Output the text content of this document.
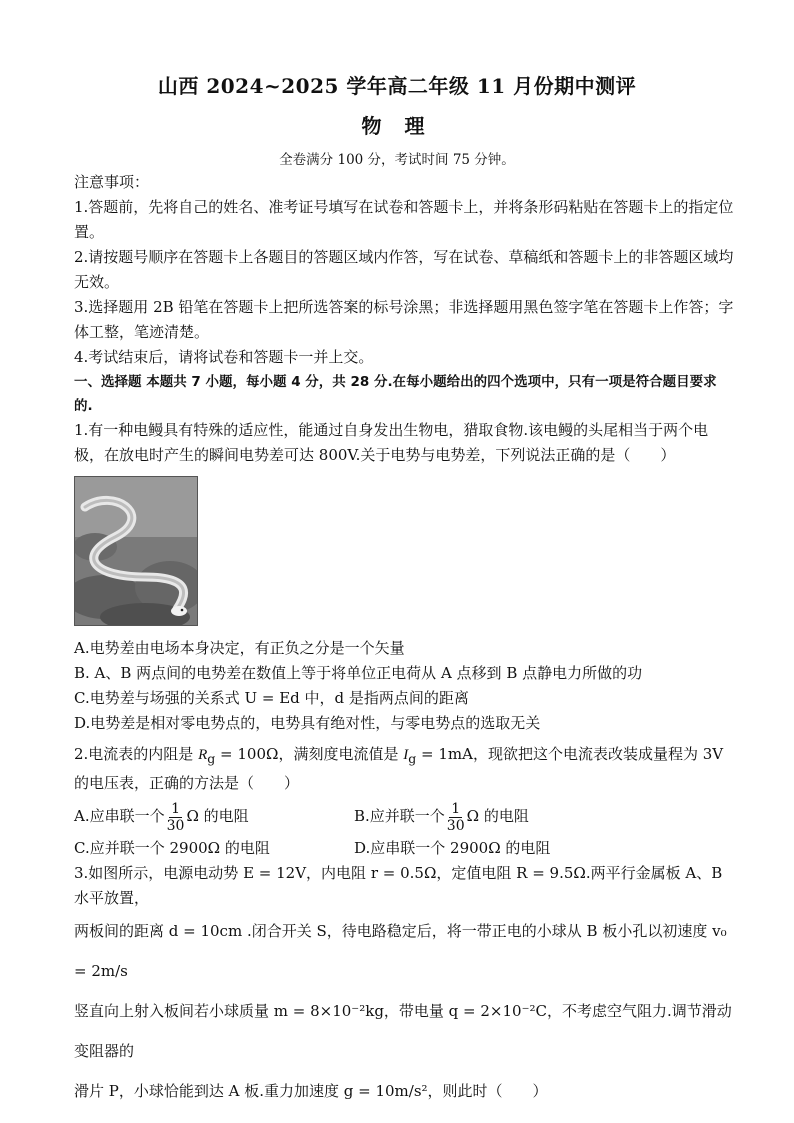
山西 2024~2025 学年高二年级 11 月份期中测评
物 理
全卷满分 100 分，考试时间 75 分钟。

注意事项：

1.答题前，先将自己的姓名、准考证号填写在试卷和答题卡上，并将条形码粘贴在答题卡上的指定位置。

2.请按题号顺序在答题卡上各题目的答题区域内作答，写在试卷、草稿纸和答题卡上的非答题区域均无效。

3.选择题用 2B 铅笔在答题卡上把所选答案的标号涂黑；非选择题用黑色签字笔在答题卡上作答；字体工整，笔迹清楚。

4.考试结束后，请将试卷和答题卡一并上交。

一、选择题 本题共 7 小题，每小题 4 分，共 28 分.在每小题给出的四个选项中，只有一项是符合题目要求的.

1.有一种电鳗具有特殊的适应性，能通过自身发出生物电，猎取食物.该电鳗的头尾相当于两个电极，在放电时产生的瞬间电势差可达 800V.关于电势与电势差，下列说法正确的是（　　）

A.电势差由电场本身决定，有正负之分是一个矢量

B. A、B 两点间的电势差在数值上等于将单位正电荷从 A 点移到 B 点静电力所做的功

C.电势差与场强的关系式 U = Ed 中，d 是指两点间的距离

D.电势差是相对零电势点的，电势具有绝对性，与零电势点的选取无关

2.电流表的内阻是 $R_g = 100\Omega$，满刻度电流值是 $I_g = 1mA$，现欲把这个电流表改装成量程为 3V 的电压表，正确的方法是（　　）

A.应串联一个 $\frac{1}{30}$ Ω 的电阻	B.应并联一个 $\frac{1}{30}$ Ω 的电阻
C.应并联一个 2900Ω 的电阻	D.应串联一个 2900Ω 的电阻

3.如图所示，电源电动势 E = 12V，内电阻 r = 0.5Ω，定值电阻 R = 9.5Ω.两平行金属板 A、B 水平放置，

两板间的距离 d = 10cm .闭合开关 S，待电路稳定后，将一带正电的小球从 B 板小孔以初速度 v₀ = 2m/s

竖直向上射入板间若小球质量 m = 8×10⁻²kg，带电量 q = 2×10⁻²C，不考虑空气阻力.调节滑动变阻器的

滑片 P，小球恰能到达 A 板.重力加速度 g = 10m/s²，则此时（　　）
